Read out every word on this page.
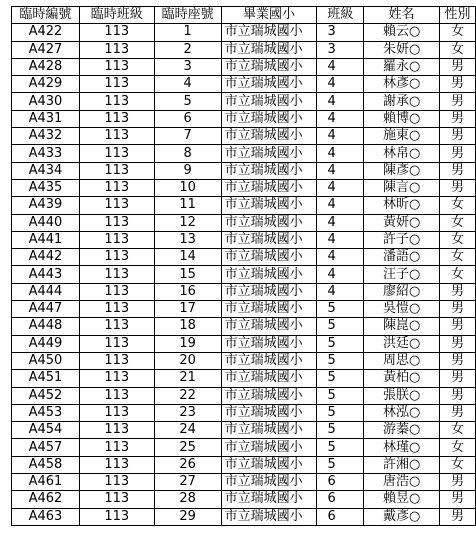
臨時編號	臨時班級	臨時座號	畢業國小	班級	姓名	性別
A422	113	1	市立瑞城國小	3	賴云○	女
A427	113	2	市立瑞城國小	3	朱妍○	女
A428	113	3	市立瑞城國小	4	羅永○	男
A429	113	4	市立瑞城國小	4	林彥○	男
A430	113	5	市立瑞城國小	4	謝承○	男
A431	113	6	市立瑞城國小	4	賴博○	男
A432	113	7	市立瑞城國小	4	施東○	男
A433	113	8	市立瑞城國小	4	林帛○	男
A434	113	9	市立瑞城國小	4	陳彥○	男
A435	113	10	市立瑞城國小	4	陳言○	男
A439	113	11	市立瑞城國小	4	林昕○	女
A440	113	12	市立瑞城國小	4	黃妍○	女
A441	113	13	市立瑞城國小	4	許子○	女
A442	113	14	市立瑞城國小	4	潘語○	女
A443	113	15	市立瑞城國小	4	汪子○	女
A444	113	16	市立瑞城國小	4	廖紹○	男
A447	113	17	市立瑞城國小	5	吳愷○	男
A448	113	18	市立瑞城國小	5	陳崑○	男
A449	113	19	市立瑞城國小	5	洪廷○	男
A450	113	20	市立瑞城國小	5	周思○	男
A451	113	21	市立瑞城國小	5	黃柏○	男
A452	113	22	市立瑞城國小	5	張朕○	男
A453	113	23	市立瑞城國小	5	林泓○	男
A454	113	24	市立瑞城國小	5	游蓁○	女
A457	113	25	市立瑞城國小	5	林瑾○	女
A458	113	26	市立瑞城國小	5	許湘○	女
A461	113	27	市立瑞城國小	6	唐浩○	男
A462	113	28	市立瑞城國小	6	賴昱○	男
A463	113	29	市立瑞城國小	6	戴彥○	男
